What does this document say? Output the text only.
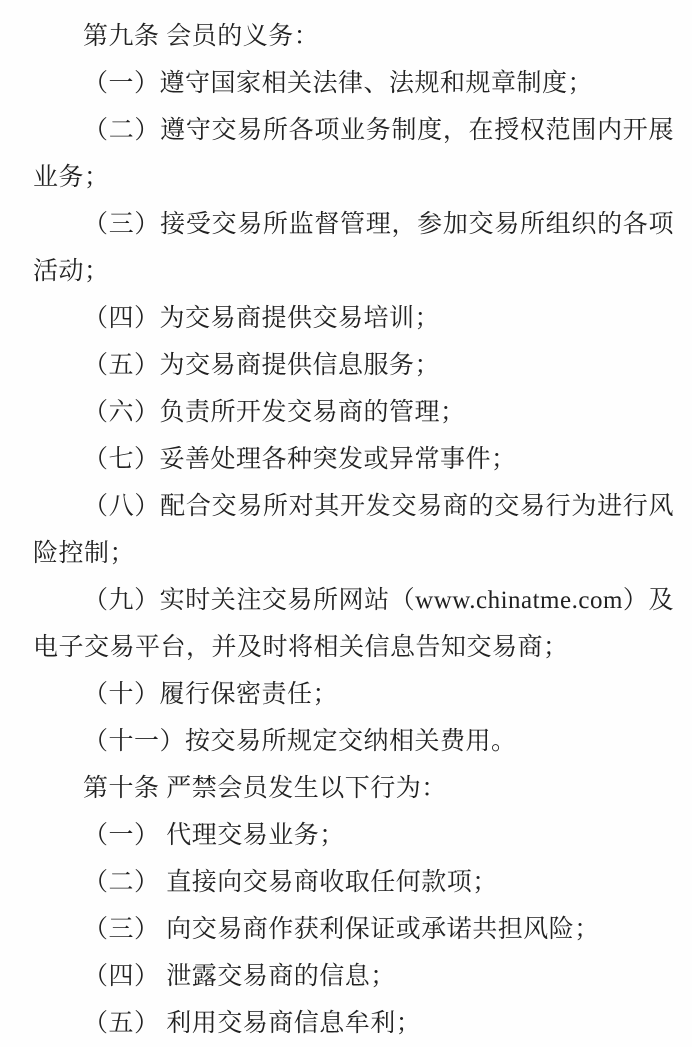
第九条 会员的义务：

（一）遵守国家相关法律、法规和规章制度；

（二）遵守交易所各项业务制度，在授权范围内开展业务；

（三）接受交易所监督管理，参加交易所组织的各项活动；

（四）为交易商提供交易培训；

（五）为交易商提供信息服务；

（六）负责所开发交易商的管理；

（七）妥善处理各种突发或异常事件；

（八）配合交易所对其开发交易商的交易行为进行风险控制；

（九）实时关注交易所网站（www.chinatme.com）及电子交易平台，并及时将相关信息告知交易商；

（十）履行保密责任；

（十一）按交易所规定交纳相关费用。

第十条 严禁会员发生以下行为：

（一） 代理交易业务；

（二） 直接向交易商收取任何款项；

（三） 向交易商作获利保证或承诺共担风险；

（四） 泄露交易商的信息；

（五） 利用交易商信息牟利；
